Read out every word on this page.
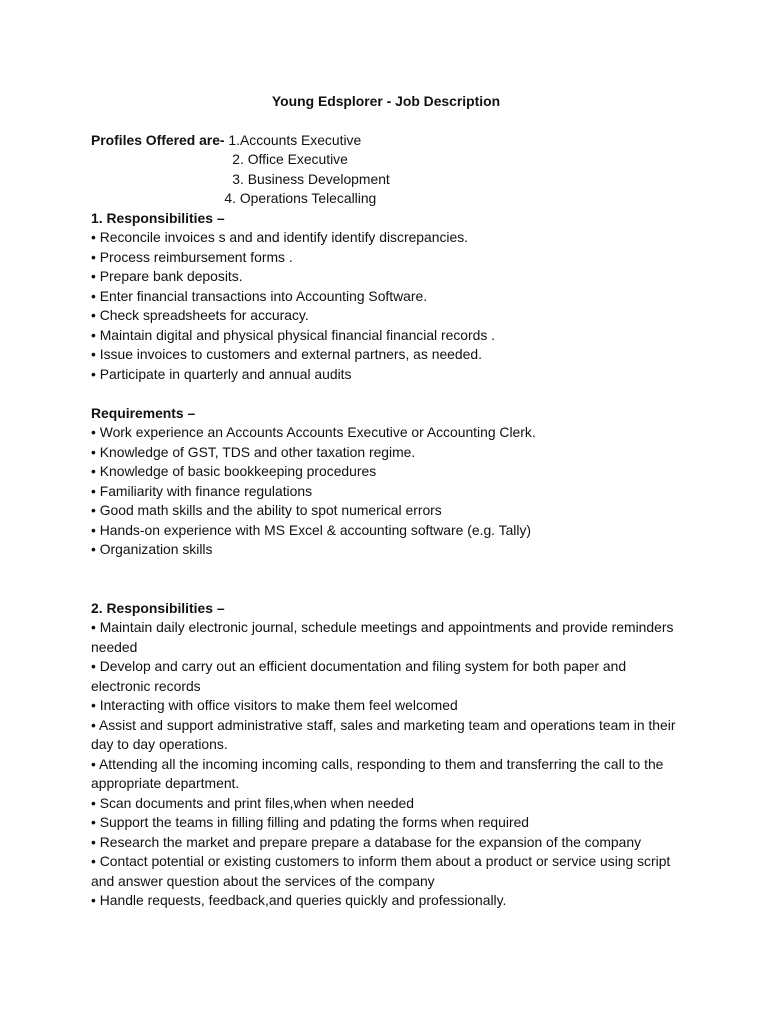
Young Edsplorer - Job Description
Profiles Offered are- 1.Accounts Executive
2. Office Executive
3. Business Development
4. Operations Telecalling
1. Responsibilities –
• Reconcile invoices s and and identify identify discrepancies.
• Process reimbursement forms .
• Prepare bank deposits.
• Enter financial transactions into Accounting Software.
• Check spreadsheets for accuracy.
• Maintain digital and physical physical financial financial records .
• Issue invoices to customers and external partners, as needed.
• Participate in quarterly and annual audits
Requirements –
• Work experience an Accounts Accounts Executive or Accounting Clerk.
• Knowledge of GST, TDS and other taxation regime.
• Knowledge of basic bookkeeping procedures
• Familiarity with finance regulations
• Good math skills and the ability to spot numerical errors
• Hands-on experience with MS Excel & accounting software (e.g. Tally)
• Organization skills
2. Responsibilities –
• Maintain daily electronic journal, schedule meetings and appointments and provide reminders needed
• Develop and carry out an efficient documentation and filing system for both paper and electronic records
• Interacting with office visitors to make them feel welcomed
• Assist and support administrative staff, sales and marketing team and operations team in their day to day operations.
• Attending all the incoming incoming calls, responding to them and transferring the call to the appropriate department.
• Scan documents and print files,when when needed
• Support the teams in filling filling and pdating the forms when required
• Research the market and prepare prepare a database for the expansion of the company
• Contact potential or existing customers to inform them about a product or service using script and answer question about the services of the company
• Handle requests, feedback,and queries quickly and professionally.
